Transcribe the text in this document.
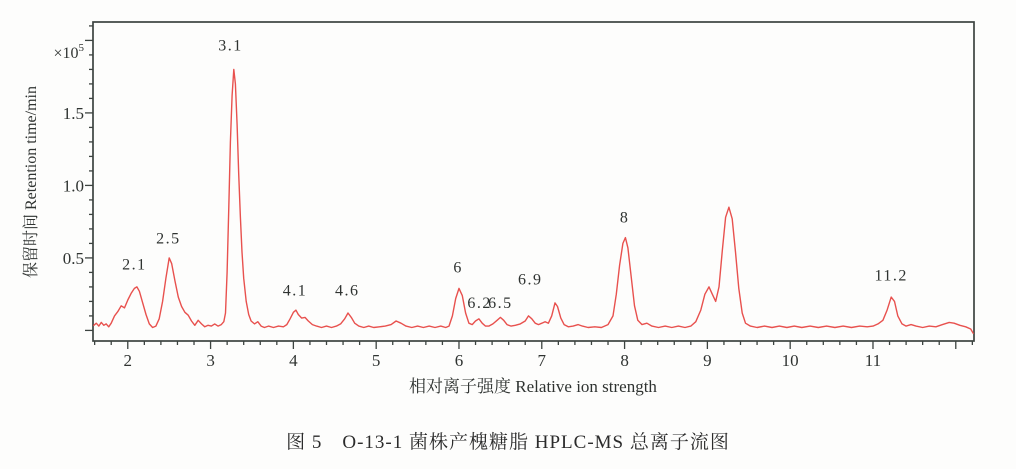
$\times 10^5$
保留时间 Retention time/min
相对离子强度 Relative ion strength
2	3	4	5	6	7	8	9	10	11
0.5
1.0
1.5
2.1
2.5
3.1
4.1 4.6
6
6.2
6.5
6.9
8
11.2
图 5　O-13-1 菌株产槐糖脂 HPLC-MS 总离子流图
